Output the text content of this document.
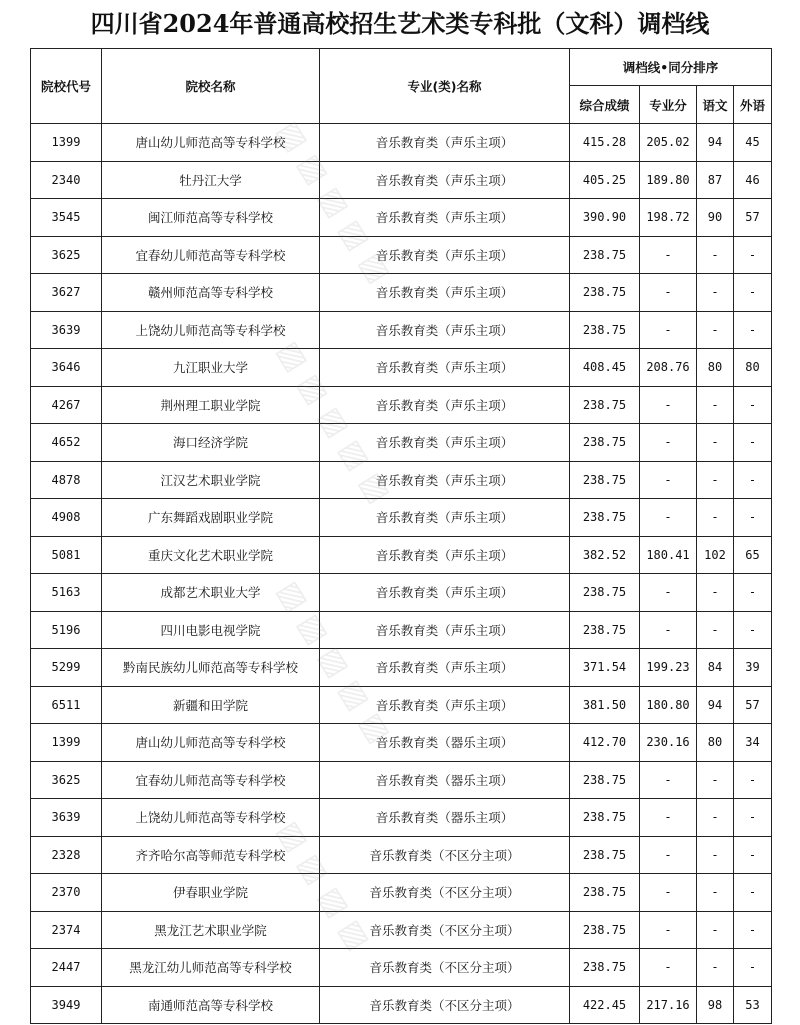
四川省2024年普通高校招生艺术类专科批（文科）调档线
院校代号	院校名称	专业(类)名称	调档线•同分排序			
			综合成绩	专业分	语文	外语
1399	唐山幼儿师范高等专科学校	音乐教育类（声乐主项）	415.28	205.02	94	45
2340	牡丹江大学	音乐教育类（声乐主项）	405.25	189.80	87	46
3545	闽江师范高等专科学校	音乐教育类（声乐主项）	390.90	198.72	90	57
3625	宜春幼儿师范高等专科学校	音乐教育类（声乐主项）	238.75	-	-	-
3627	赣州师范高等专科学校	音乐教育类（声乐主项）	238.75	-	-	-
3639	上饶幼儿师范高等专科学校	音乐教育类（声乐主项）	238.75	-	-	-
3646	九江职业大学	音乐教育类（声乐主项）	408.45	208.76	80	80
4267	荆州理工职业学院	音乐教育类（声乐主项）	238.75	-	-	-
4652	海口经济学院	音乐教育类（声乐主项）	238.75	-	-	-
4878	江汉艺术职业学院	音乐教育类（声乐主项）	238.75	-	-	-
4908	广东舞蹈戏剧职业学院	音乐教育类（声乐主项）	238.75	-	-	-
5081	重庆文化艺术职业学院	音乐教育类（声乐主项）	382.52	180.41	102	65
5163	成都艺术职业大学	音乐教育类（声乐主项）	238.75	-	-	-
5196	四川电影电视学院	音乐教育类（声乐主项）	238.75	-	-	-
5299	黔南民族幼儿师范高等专科学校	音乐教育类（声乐主项）	371.54	199.23	84	39
6511	新疆和田学院	音乐教育类（声乐主项）	381.50	180.80	94	57
1399	唐山幼儿师范高等专科学校	音乐教育类（器乐主项）	412.70	230.16	80	34
3625	宜春幼儿师范高等专科学校	音乐教育类（器乐主项）	238.75	-	-	-
3639	上饶幼儿师范高等专科学校	音乐教育类（器乐主项）	238.75	-	-	-
2328	齐齐哈尔高等师范专科学校	音乐教育类（不区分主项）	238.75	-	-	-
2370	伊春职业学院	音乐教育类（不区分主项）	238.75	-	-	-
2374	黑龙江艺术职业学院	音乐教育类（不区分主项）	238.75	-	-	-
2447	黑龙江幼儿师范高等专科学校	音乐教育类（不区分主项）	238.75	-	-	-
3949	南通师范高等专科学校	音乐教育类（不区分主项）	422.45	217.16	98	53
▨ ▨ ▨ ▨ ▨
▨ ▨ ▨ ▨ ▨
▨ ▨ ▨ ▨ ▨
▨ ▨ ▨ ▨
